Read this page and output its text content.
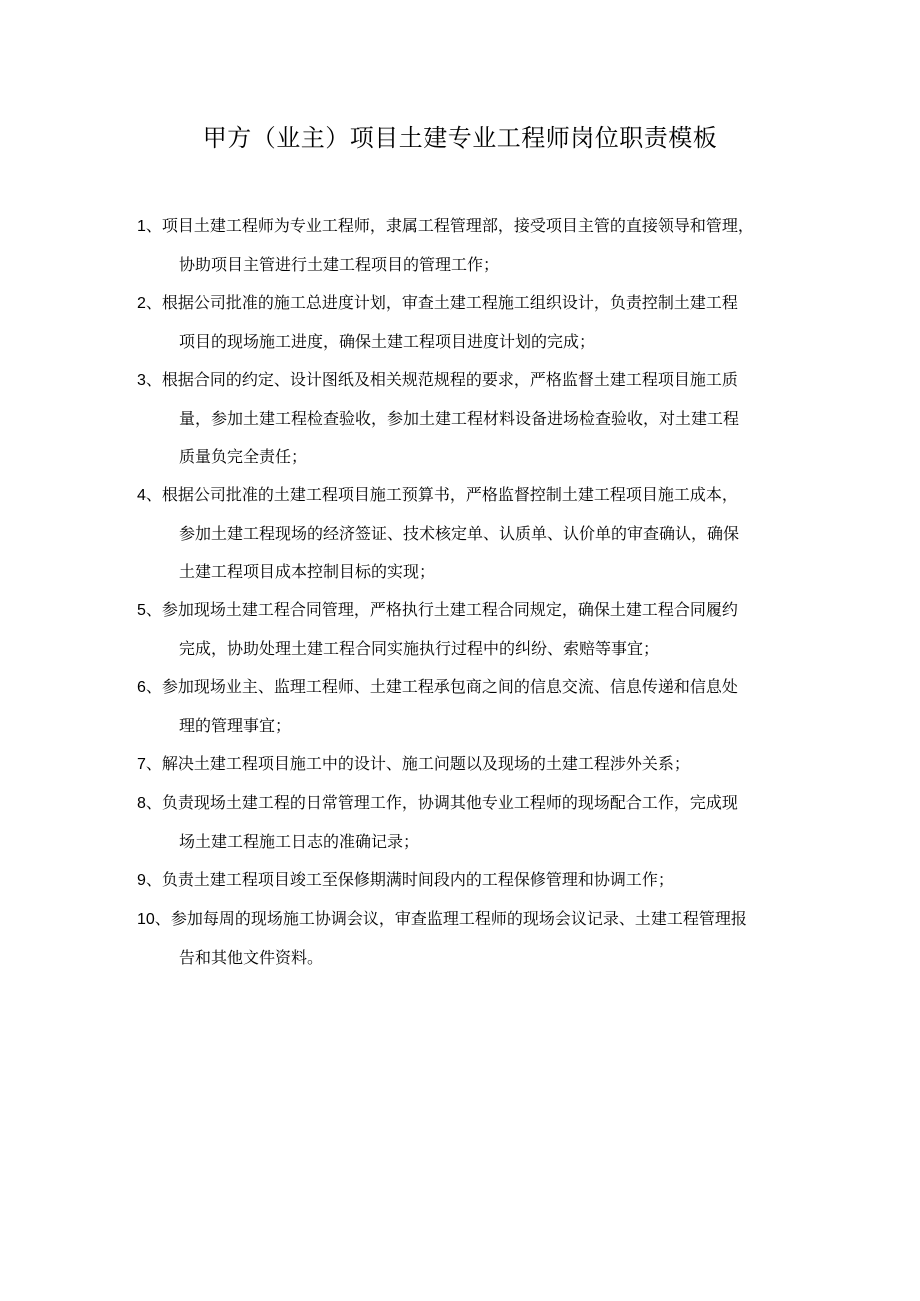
甲方（业主）项目土建专业工程师岗位职责模板
1、项目土建工程师为专业工程师，隶属工程管理部，接受项目主管的直接领导和管理，
协助项目主管进行土建工程项目的管理工作；
2、根据公司批准的施工总进度计划，审查土建工程施工组织设计，负责控制土建工程
项目的现场施工进度，确保土建工程项目进度计划的完成；
3、根据合同的约定、设计图纸及相关规范规程的要求，严格监督土建工程项目施工质
量，参加土建工程检查验收，参加土建工程材料设备进场检查验收，对土建工程
质量负完全责任；
4、根据公司批准的土建工程项目施工预算书，严格监督控制土建工程项目施工成本，
参加土建工程现场的经济签证、技术核定单、认质单、认价单的审查确认，确保
土建工程项目成本控制目标的实现；
5、参加现场土建工程合同管理，严格执行土建工程合同规定，确保土建工程合同履约
完成，协助处理土建工程合同实施执行过程中的纠纷、索赔等事宜；
6、参加现场业主、监理工程师、土建工程承包商之间的信息交流、信息传递和信息处
理的管理事宜；
7、解决土建工程项目施工中的设计、施工问题以及现场的土建工程涉外关系；
8、负责现场土建工程的日常管理工作，协调其他专业工程师的现场配合工作，完成现
场土建工程施工日志的准确记录；
9、负责土建工程项目竣工至保修期满时间段内的工程保修管理和协调工作；
10、参加每周的现场施工协调会议，审查监理工程师的现场会议记录、土建工程管理报
告和其他文件资料。
